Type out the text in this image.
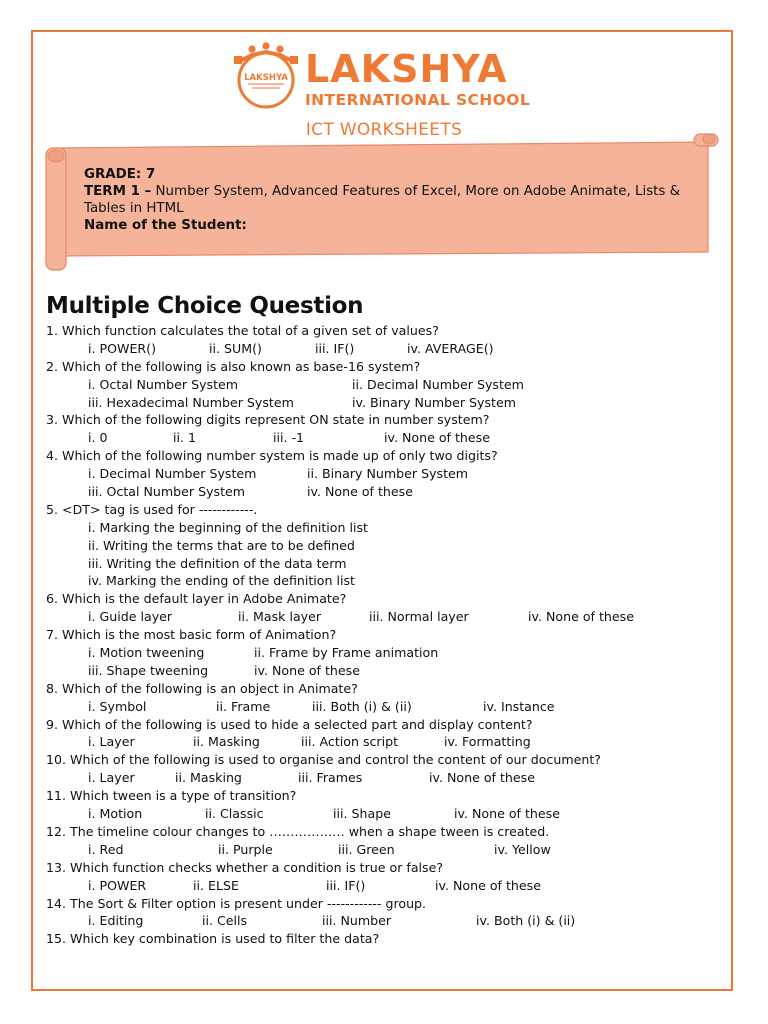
LAKSHYA LAKSHYA
INTERNATIONAL SCHOOL
ICT WORKSHEETS
GRADE: 7
TERM 1 – Number System, Advanced Features of Excel, More on Adobe Animate, Lists & Tables in HTML
Name of the Student:
Multiple Choice Question
1. Which function calculates the total of a given set of values?
i. POWER()	ii. SUM()	iii. IF()	iv. AVERAGE()
2. Which of the following is also known as base-16 system?
i. Octal Number System	ii. Decimal Number System
iii. Hexadecimal Number System	iv. Binary Number System
3. Which of the following digits represent ON state in number system?
i. 0	ii. 1	iii. -1	iv. None of these
4. Which of the following number system is made up of only two digits?
i. Decimal Number System	ii. Binary Number System
iii. Octal Number System	iv. None of these
5. <DT> tag is used for ------------.
i. Marking the beginning of the definition list
ii. Writing the terms that are to be defined
iii. Writing the definition of the data term
iv. Marking the ending of the definition list
6. Which is the default layer in Adobe Animate?
i. Guide layer	ii. Mask layer	iii. Normal layer	iv. None of these
7. Which is the most basic form of Animation?
i. Motion tweening	ii. Frame by Frame animation
iii. Shape tweening	iv. None of these
8. Which of the following is an object in Animate?
i. Symbol	ii. Frame	iii. Both (i) & (ii)	iv. Instance
9. Which of the following is used to hide a selected part and display content?
i. Layer	ii. Masking	iii. Action script	iv. Formatting
10. Which of the following is used to organise and control the content of our document?
i. Layer	ii. Masking	iii. Frames	iv. None of these
11. Which tween is a type of transition?
i. Motion	ii. Classic	iii. Shape	iv. None of these
12. The timeline colour changes to ……………… when a shape tween is created.
i. Red	ii. Purple	iii. Green	iv. Yellow
13. Which function checks whether a condition is true or false?
i. POWER	ii. ELSE	iii. IF()	iv. None of these
14. The Sort & Filter option is present under ------------ group.
i. Editing	ii. Cells	iii. Number	iv. Both (i) & (ii)
15. Which key combination is used to filter the data?
